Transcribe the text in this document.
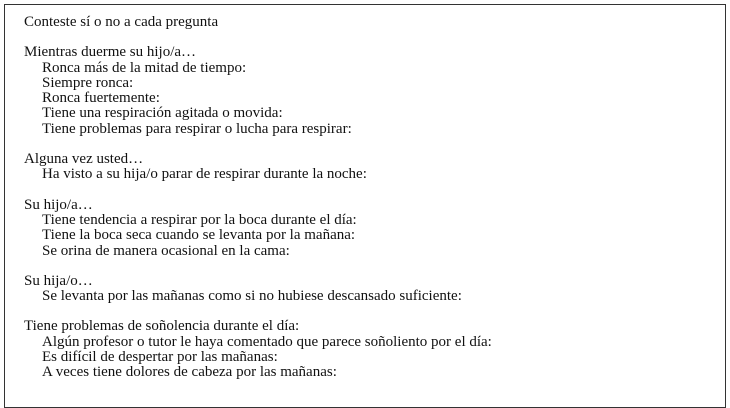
Conteste sí o no a cada pregunta
Mientras duerme su hijo/a…
Ronca más de la mitad de tiempo:
Siempre ronca:
Ronca fuertemente:
Tiene una respiración agitada o movida:
Tiene problemas para respirar o lucha para respirar:
Alguna vez usted…
Ha visto a su hija/o parar de respirar durante la noche:
Su hijo/a…
Tiene tendencia a respirar por la boca durante el día:
Tiene la boca seca cuando se levanta por la mañana:
Se orina de manera ocasional en la cama:
Su hija/o…
Se levanta por las mañanas como si no hubiese descansado suficiente:
Tiene problemas de soñolencia durante el día:
Algún profesor o tutor le haya comentado que parece soñoliento por el día:
Es difícil de despertar por las mañanas:
A veces tiene dolores de cabeza por las mañanas:
